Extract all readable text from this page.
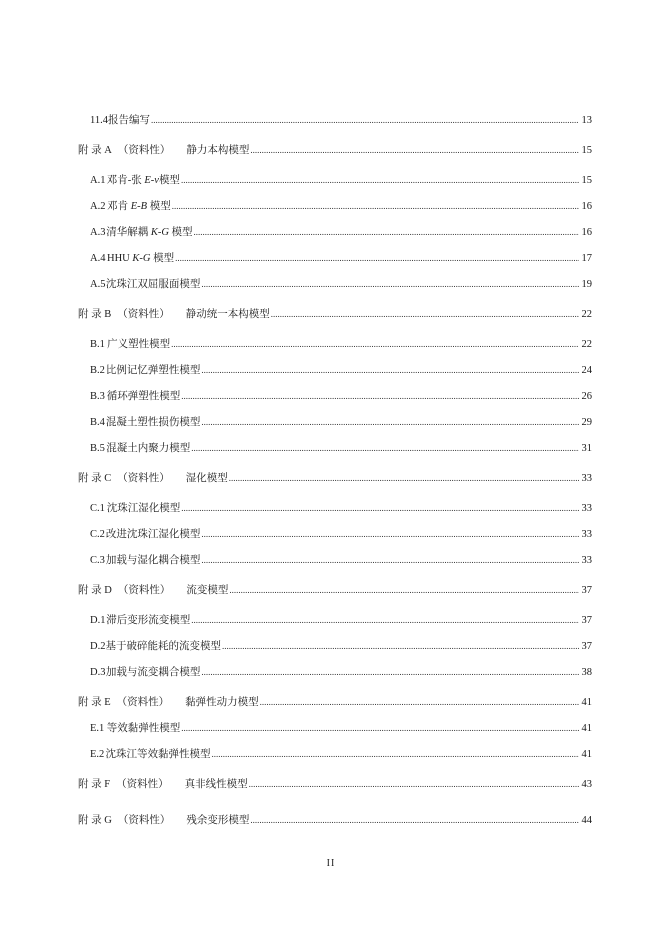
11.4 报告编写 .....	13
附 录 A （资料性） 静力本构模型 .....	15
A.1 邓肯-张 E-ν模型 .....	15
A.2 邓肯 E-B 模型 .....	16
A.3 清华解耦 K-G 模型 .....	16
A.4 HHU K-G 模型 .....	17
A.5 沈珠江双屈服面模型 .....	19
附 录 B （资料性） 静动统一本构模型 .....	22
B.1 广义塑性模型 .....	22
B.2 比例记忆弹塑性模型 .....	24
B.3 循环弹塑性模型 .....	26
B.4 混凝土塑性损伤模型 .....	29
B.5 混凝土内聚力模型 .....	31
附 录 C （资料性） 湿化模型 .....	33
C.1 沈珠江湿化模型 .....	33
C.2 改进沈珠江湿化模型 .....	33
C.3 加载与湿化耦合模型 .....	33
附 录 D （资料性） 流变模型 .....	37
D.1 滞后变形流变模型 .....	37
D.2 基于破碎能耗的流变模型 .....	37
D.3 加载与流变耦合模型 .....	38
附 录 E （资料性） 黏弹性动力模型 .....	41
E.1 等效黏弹性模型 .....	41
E.2 沈珠江等效黏弹性模型 .....	41
附 录 F （资料性） 真非线性模型 .....	43
附 录 G （资料性） 残余变形模型 .....	44
II
